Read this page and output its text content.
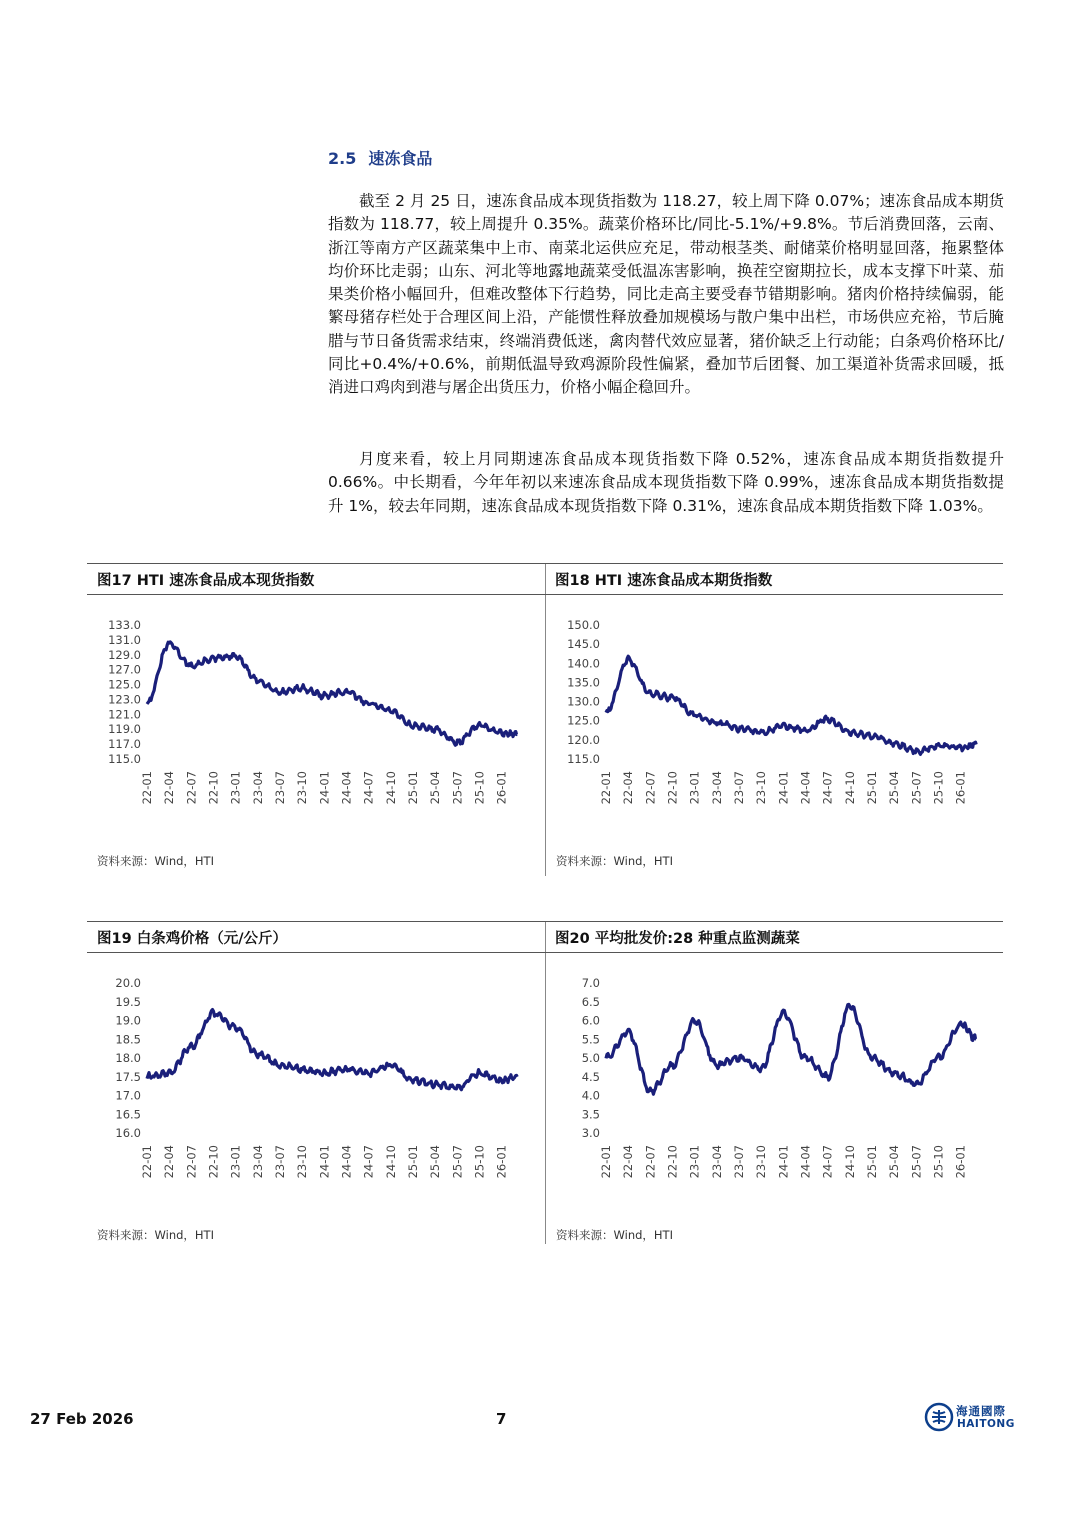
2.5 速冻食品

截至 2 月 25 日，速冻食品成本现货指数为 118.27，较上周下降 0.07%；速冻食品成本期货指数为 118.77，较上周提升 0.35%。蔬菜价格环比/同比-5.1%/+9.8%。节后消费回落，云南、浙江等南方产区蔬菜集中上市、南菜北运供应充足，带动根茎类、耐储菜价格明显回落，拖累整体均价环比走弱；山东、河北等地露地蔬菜受低温冻害影响，换茬空窗期拉长，成本支撑下叶菜、茄果类价格小幅回升，但难改整体下行趋势，同比走高主要受春节错期影响。猪肉价格持续偏弱，能繁母猪存栏处于合理区间上沿，产能惯性释放叠加规模场与散户集中出栏，市场供应充裕，节后腌腊与节日备货需求结束，终端消费低迷，禽肉替代效应显著，猪价缺乏上行动能；白条鸡价格环比/同比+0.4%/+0.6%，前期低温导致鸡源阶段性偏紧，叠加节后团餐、加工渠道补货需求回暖，抵消进口鸡肉到港与屠企出货压力，价格小幅企稳回升。

月度来看，较上月同期速冻食品成本现货指数下降 0.52%，速冻食品成本期货指数提升 0.66%。中长期看，今年年初以来速冻食品成本现货指数下降 0.99%，速冻食品成本期货指数提升 1%，较去年同期，速冻食品成本现货指数下降 0.31%，速冻食品成本期货指数下降 1.03%。

图17 HTI 速冻食品成本现货指数
115.0
117.0
119.0
121.0
123.0
125.0
127.0
129.0
131.0
133.0
22-01 22-04 22-07 22-10 23-01 23-04 23-07 23-10 24-01 24-04 24-07 24-10 25-01 25-04 25-07 25-10 26-01
资料来源：Wind，HTI
图18 HTI 速冻食品成本期货指数
115.0
120.0
125.0
130.0
135.0
140.0
145.0
150.0
22-01 22-04 22-07 22-10 23-01 23-04 23-07 23-10 24-01 24-04 24-07 24-10 25-01 25-04 25-07 25-10 26-01
资料来源：Wind，HTI
图19 白条鸡价格（元/公斤）
16.0
16.5
17.0
17.5
18.0
18.5
19.0
19.5
20.0
22-01 22-04 22-07 22-10 23-01 23-04 23-07 23-10 24-01 24-04 24-07 24-10 25-01 25-04 25-07 25-10 26-01
资料来源：Wind，HTI
图20 平均批发价:28 种重点监测蔬菜
3.0
3.5
4.0
4.5
5.0
5.5
6.0
6.5
7.0
22-01 22-04 22-07 22-10 23-01 23-04 23-07 23-10 24-01 24-04 24-07 24-10 25-01 25-04 25-07 25-10 26-01
资料来源：Wind，HTI
27 Feb 2026	7	海通國際
HAITONG
